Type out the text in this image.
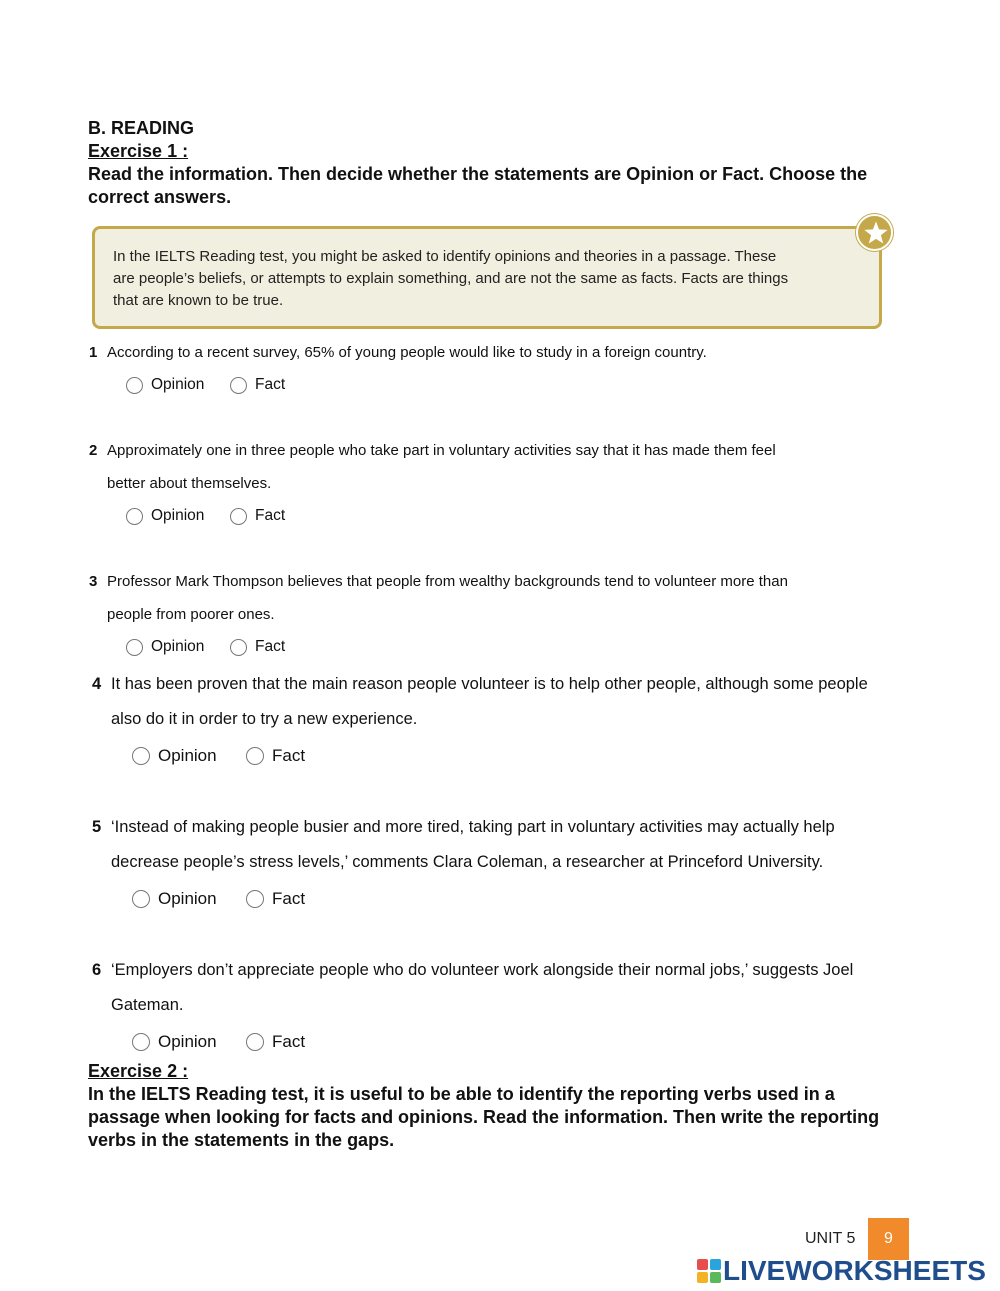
B. READING
Exercise 1 :
Read the information. Then decide whether the statements are Opinion or Fact. Choose the correct answers.
In the IELTS Reading test, you might be asked to identify opinions and theories in a passage. These
are people’s beliefs, or attempts to explain something, and are not the same as facts. Facts are things
that are known to be true.
1 According to a recent survey, 65% of young people would like to study in a foreign country.
Opinion	Fact
2 Approximately one in three people who take part in voluntary activities say that it has made them feel
better about themselves.
Opinion	Fact
3 Professor Mark Thompson believes that people from wealthy backgrounds tend to volunteer more than
people from poorer ones.
Opinion	Fact
4 It has been proven that the main reason people volunteer is to help other people, although some people
also do it in order to try a new experience.
Opinion	Fact
5 ‘Instead of making people busier and more tired, taking part in voluntary activities may actually help
decrease people’s stress levels,’ comments Clara Coleman, a researcher at Princeford University.
Opinion	Fact
6 ‘Employers don’t appreciate people who do volunteer work alongside their normal jobs,’ suggests Joel
Gateman.
Opinion	Fact
Exercise 2 :
In the IELTS Reading test, it is useful to be able to identify the reporting verbs used in a passage when looking for facts and opinions. Read the information. Then write the reporting verbs in the statements in the gaps.
UNIT 5	9
LIVEWORKSHEETS
